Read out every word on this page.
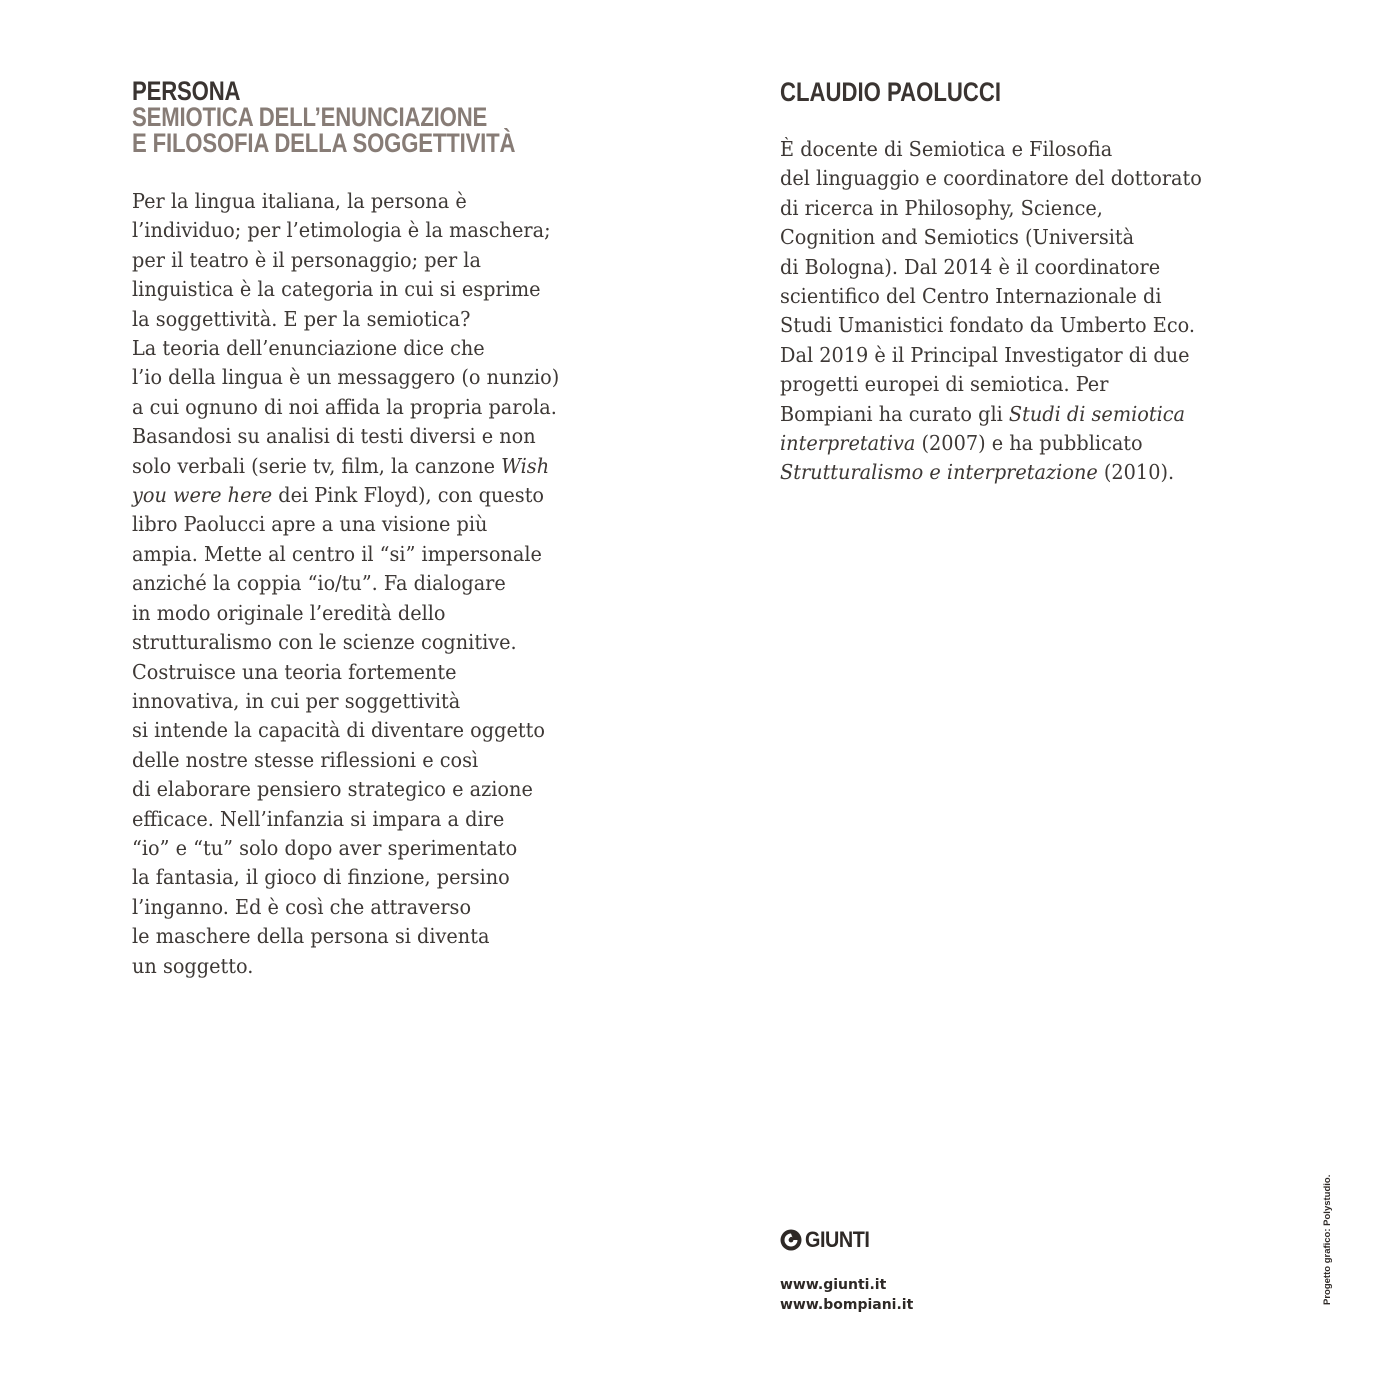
PERSONA
SEMIOTICA DELL’ENUNCIAZIONE
E FILOSOFIA DELLA SOGGETTIVITÀ

Per la lingua italiana, la persona è
l’individuo; per l’etimologia è la maschera;
per il teatro è il personaggio; per la
linguistica è la categoria in cui si esprime
la soggettività. E per la semiotica?
La teoria dell’enunciazione dice che
l’io della lingua è un messaggero (o nunzio)
a cui ognuno di noi affida la propria parola.
Basandosi su analisi di testi diversi e non
solo verbali (serie tv, film, la canzone Wish
you were here dei Pink Floyd), con questo
libro Paolucci apre a una visione più
ampia. Mette al centro il “si” impersonale
anziché la coppia “io/tu”. Fa dialogare
in modo originale l’eredità dello
strutturalismo con le scienze cognitive.
Costruisce una teoria fortemente
innovativa, in cui per soggettività
si intende la capacità di diventare oggetto
delle nostre stesse riflessioni e così
di elaborare pensiero strategico e azione
efficace. Nell’infanzia si impara a dire
“io” e “tu” solo dopo aver sperimentato
la fantasia, il gioco di finzione, persino
l’inganno. Ed è così che attraverso
le maschere della persona si diventa
un soggetto.

CLAUDIO PAOLUCCI

È docente di Semiotica e Filosofia
del linguaggio e coordinatore del dottorato
di ricerca in Philosophy, Science,
Cognition and Semiotics (Università
di Bologna). Dal 2014 è il coordinatore
scientifico del Centro Internazionale di
Studi Umanistici fondato da Umberto Eco.
Dal 2019 è il Principal Investigator di due
progetti europei di semiotica. Per
Bompiani ha curato gli Studi di semiotica
interpretativa (2007) e ha pubblicato
Strutturalismo e interpretazione (2010).

GIUNTI
www.giunti.it
www.bompiani.it	Progetto grafico: Polystudio.
